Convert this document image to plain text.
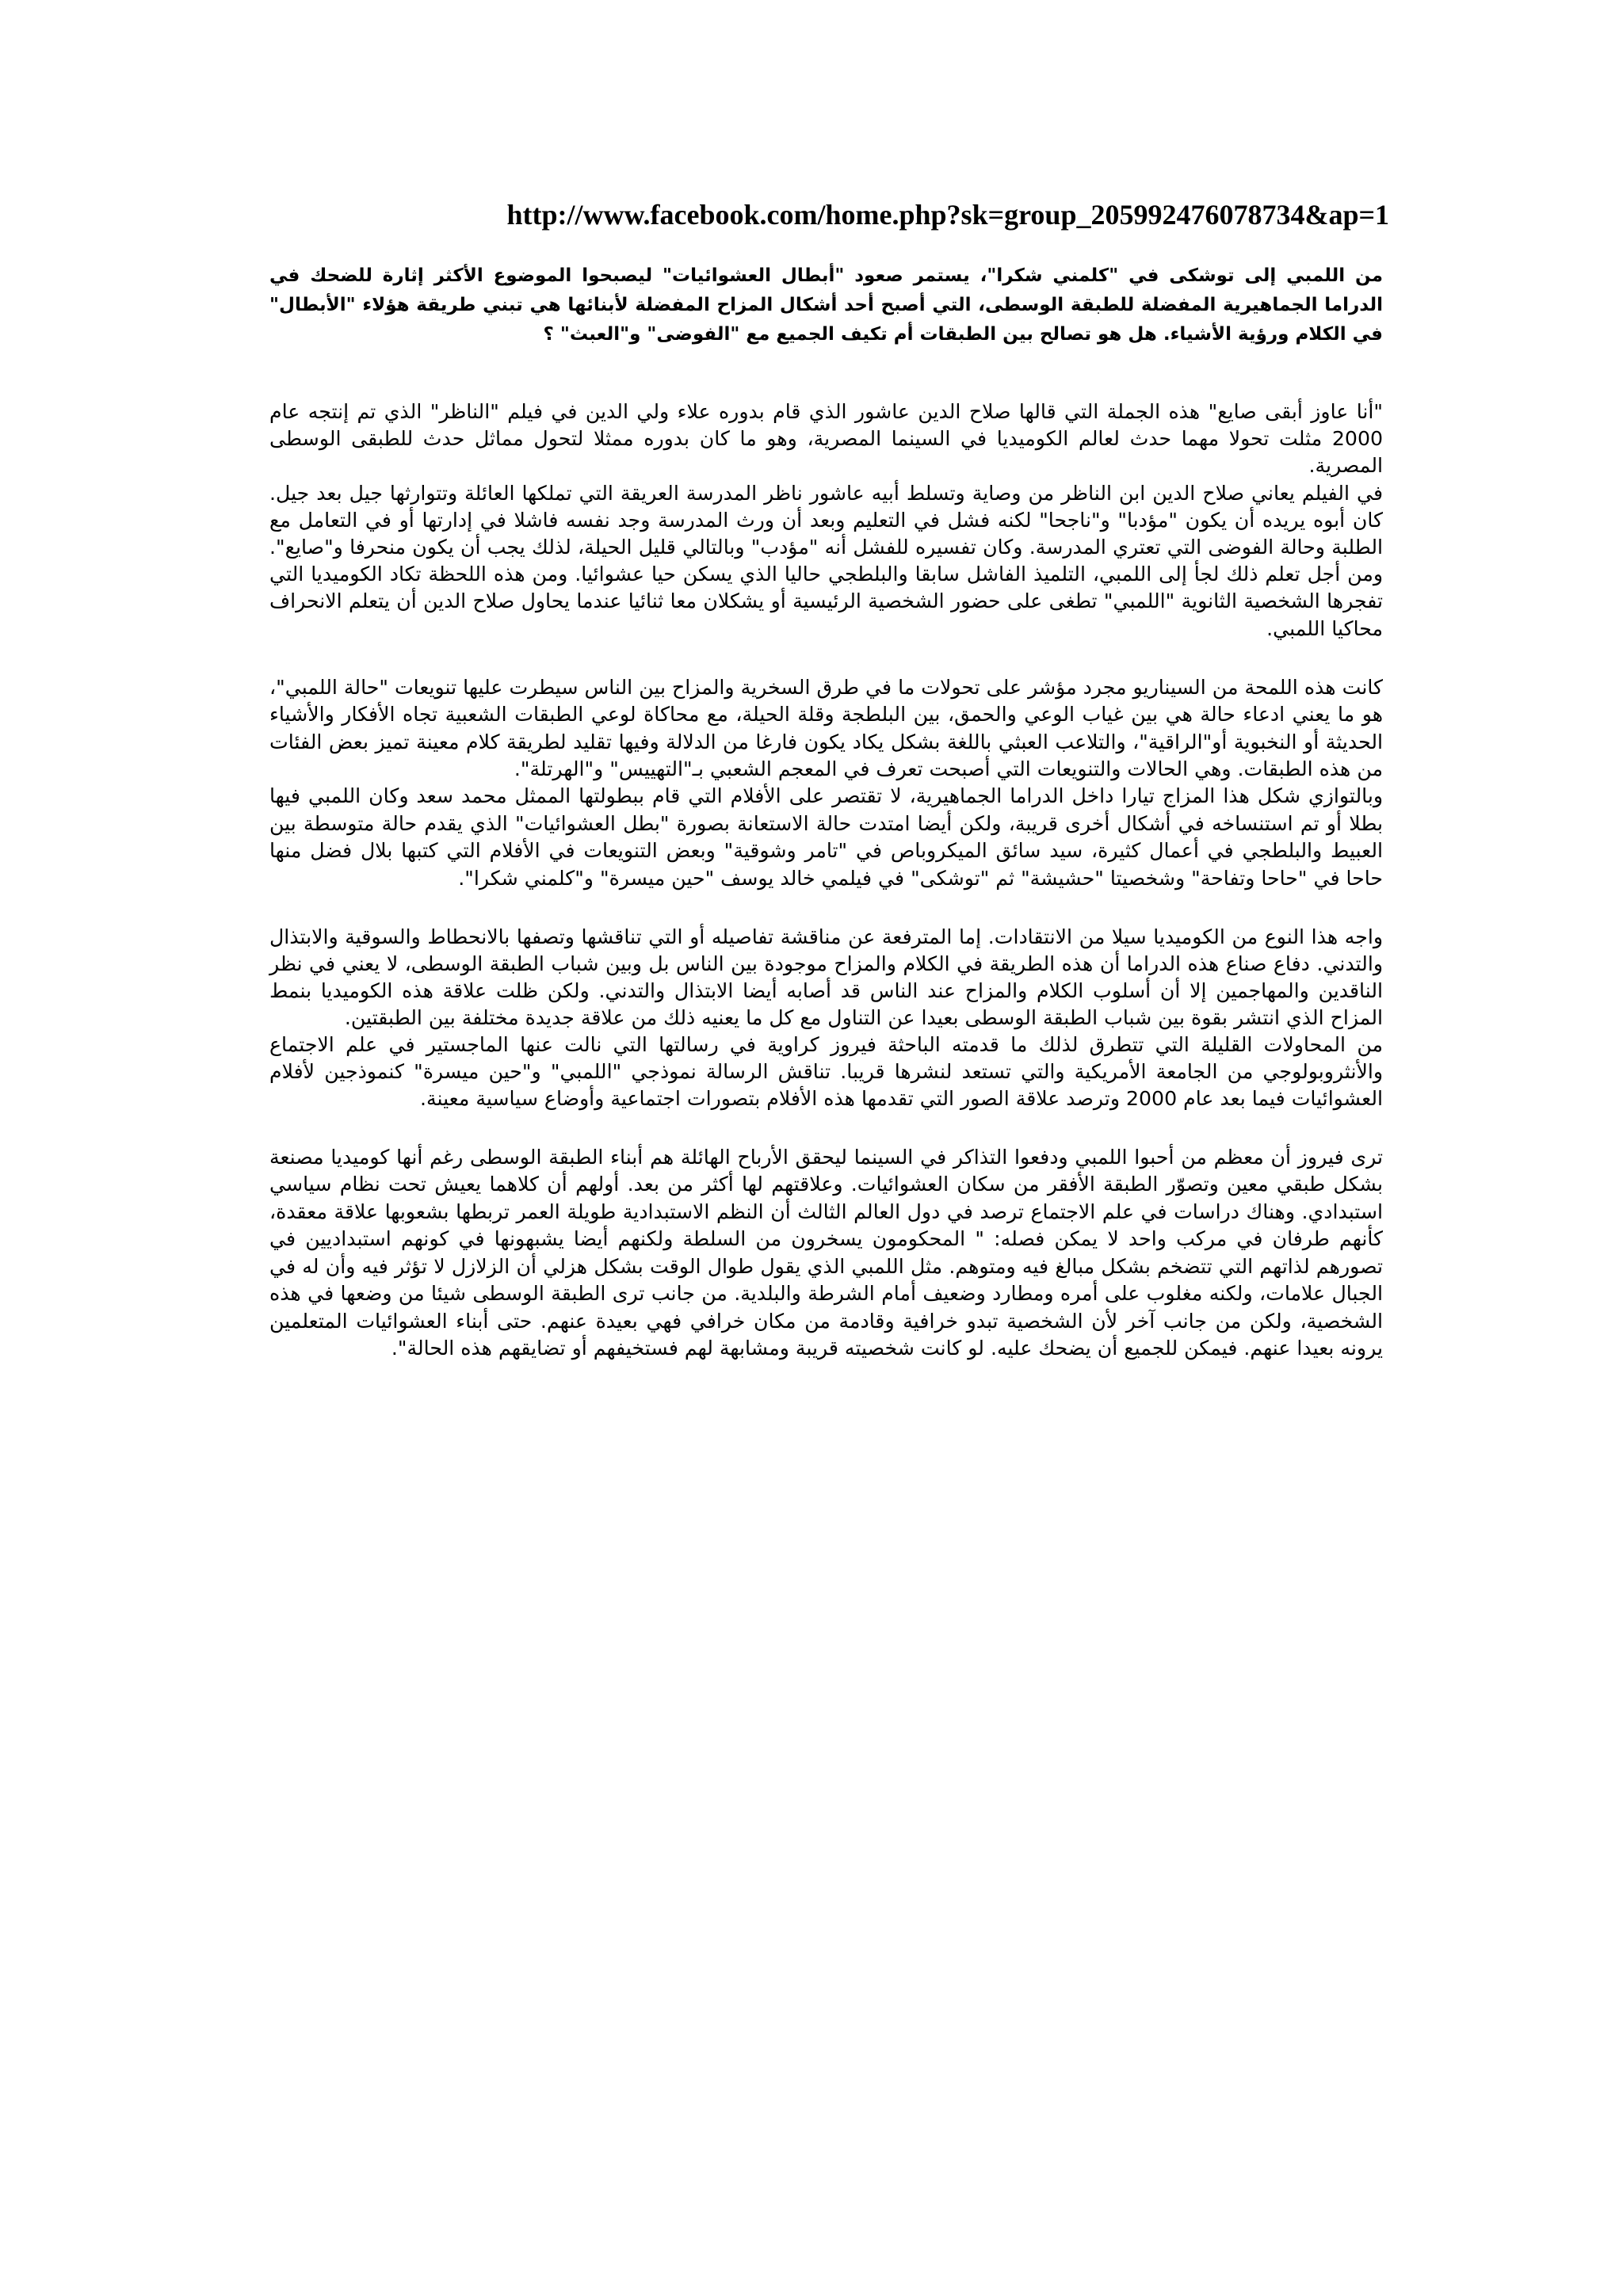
http://www.facebook.com/home.php?sk=group_205992476078734&ap=1

من اللمبي إلى توشكى في "كلمني شكرا"، يستمر صعود "أبطال العشوائيات" ليصبحوا الموضوع الأكثر إثارة للضحك في الدراما الجماهيرية المفضلة للطبقة الوسطى، التي أصبح أحد أشكال المزاح المفضلة لأبنائها هي تبني طريقة هؤلاء "الأبطال" في الكلام ورؤية الأشياء. هل هو تصالح بين الطبقات أم تكيف الجميع مع "الفوضى" و"العبث" ؟

"أنا عاوز أبقى صايع" هذه الجملة التي قالها صلاح الدين عاشور الذي قام بدوره علاء ولي الدين في فيلم "الناظر" الذي تم إنتجه عام 2000 مثلت تحولا مهما حدث لعالم الكوميديا في السينما المصرية، وهو ما كان بدوره ممثلا لتحول مماثل حدث للطبقى الوسطى المصرية.

في الفيلم يعاني صلاح الدين ابن الناظر من وصاية وتسلط أبيه عاشور ناظر المدرسة العريقة التي تملكها العائلة وتتوارثها جيل بعد جيل. كان أبوه يريده أن يكون "مؤدبا" و"ناجحا" لكنه فشل في التعليم وبعد أن ورث المدرسة وجد نفسه فاشلا في إدارتها أو في التعامل مع الطلبة وحالة الفوضى التي تعتري المدرسة. وكان تفسيره للفشل أنه "مؤدب" وبالتالي قليل الحيلة، لذلك يجب أن يكون منحرفا و"صايع". ومن أجل تعلم ذلك لجأ إلى اللمبي، التلميذ الفاشل سابقا والبلطجي حاليا الذي يسكن حيا عشوائيا. ومن هذه اللحظة تكاد الكوميديا التي تفجرها الشخصية الثانوية "اللمبي" تطغى على حضور الشخصية الرئيسية أو يشكلان معا ثنائيا عندما يحاول صلاح الدين أن يتعلم الانحراف محاكيا اللمبي.

كانت هذه اللمحة من السيناريو مجرد مؤشر على تحولات ما في طرق السخرية والمزاح بين الناس سيطرت عليها تنويعات "حالة اللمبي"، هو ما يعني ادعاء حالة هي بين غياب الوعي والحمق، بين البلطجة وقلة الحيلة، مع محاكاة لوعي الطبقات الشعبية تجاه الأفكار والأشياء الحديثة أو النخبوية أو"الراقية"، والتلاعب العبثي باللغة بشكل يكاد يكون فارغا من الدلالة وفيها تقليد لطريقة كلام معينة تميز بعض الفئات من هذه الطبقات. وهي الحالات والتنويعات التي أصبحت تعرف في المعجم الشعبي بـ"التهييس" و"الهرتلة".

وبالتوازي شكل هذا المزاج تيارا داخل الدراما الجماهيرية، لا تقتصر على الأفلام التي قام ببطولتها الممثل محمد سعد وكان اللمبي فيها بطلا أو تم استنساخه في أشكال أخرى قريبة، ولكن أيضا امتدت حالة الاستعانة بصورة "بطل العشوائيات" الذي يقدم حالة متوسطة بين العبيط والبلطجي في أعمال كثيرة، سيد سائق الميكروباص في "تامر وشوقية" وبعض التنويعات في الأفلام التي كتبها بلال فضل منها حاحا في "حاحا وتفاحة" وشخصيتا "حشيشة" ثم "توشكى" في فيلمي خالد يوسف "حين ميسرة" و"كلمني شكرا".

واجه هذا النوع من الكوميديا سيلا من الانتقادات. إما المترفعة عن مناقشة تفاصيله أو التي تناقشها وتصفها بالانحطاط والسوقية والابتذال والتدني. دفاع صناع هذه الدراما أن هذه الطريقة في الكلام والمزاح موجودة بين الناس بل وبين شباب الطبقة الوسطى، لا يعني في نظر الناقدين والمهاجمين إلا أن أسلوب الكلام والمزاح عند الناس قد أصابه أيضا الابتذال والتدني. ولكن ظلت علاقة هذه الكوميديا بنمط المزاح الذي انتشر بقوة بين شباب الطبقة الوسطى بعيدا عن التناول مع كل ما يعنيه ذلك من علاقة جديدة مختلفة بين الطبقتين.

من المحاولات القليلة التي تتطرق لذلك ما قدمته الباحثة فيروز كراوية في رسالتها التي نالت عنها الماجستير في علم الاجتماع والأنثروبولوجي من الجامعة الأمريكية والتي تستعد لنشرها قريبا. تناقش الرسالة نموذجي "اللمبي" و"حين ميسرة" كنموذجين لأفلام العشوائيات فيما بعد عام 2000 وترصد علاقة الصور التي تقدمها هذه الأفلام بتصورات اجتماعية وأوضاع سياسية معينة.

ترى فيروز أن معظم من أحبوا اللمبي ودفعوا التذاكر في السينما ليحقق الأرباح الهائلة هم أبناء الطبقة الوسطى رغم أنها كوميديا مصنعة بشكل طبقي معين وتصوّر الطبقة الأفقر من سكان العشوائيات. وعلاقتهم لها أكثر من بعد. أولهم أن كلاهما يعيش تحت نظام سياسي استبدادي. وهناك دراسات في علم الاجتماع ترصد في دول العالم الثالث أن النظم الاستبدادية طويلة العمر تربطها بشعوبها علاقة معقدة، كأنهم طرفان في مركب واحد لا يمكن فصله: " المحكومون يسخرون من السلطة ولكنهم أيضا يشبهونها في كونهم استبداديين في تصورهم لذاتهم التي تتضخم بشكل مبالغ فيه ومتوهم. مثل اللمبي الذي يقول طوال الوقت بشكل هزلي أن الزلازل لا تؤثر فيه وأن له في الجبال علامات، ولكنه مغلوب على أمره ومطارد وضعيف أمام الشرطة والبلدية. من جانب ترى الطبقة الوسطى شيئا من وضعها في هذه الشخصية، ولكن من جانب آخر لأن الشخصية تبدو خرافية وقادمة من مكان خرافي فهي بعيدة عنهم. حتى أبناء العشوائيات المتعلمين يرونه بعيدا عنهم. فيمكن للجميع أن يضحك عليه. لو كانت شخصيته قريبة ومشابهة لهم فستخيفهم أو تضايقهم هذه الحالة".
